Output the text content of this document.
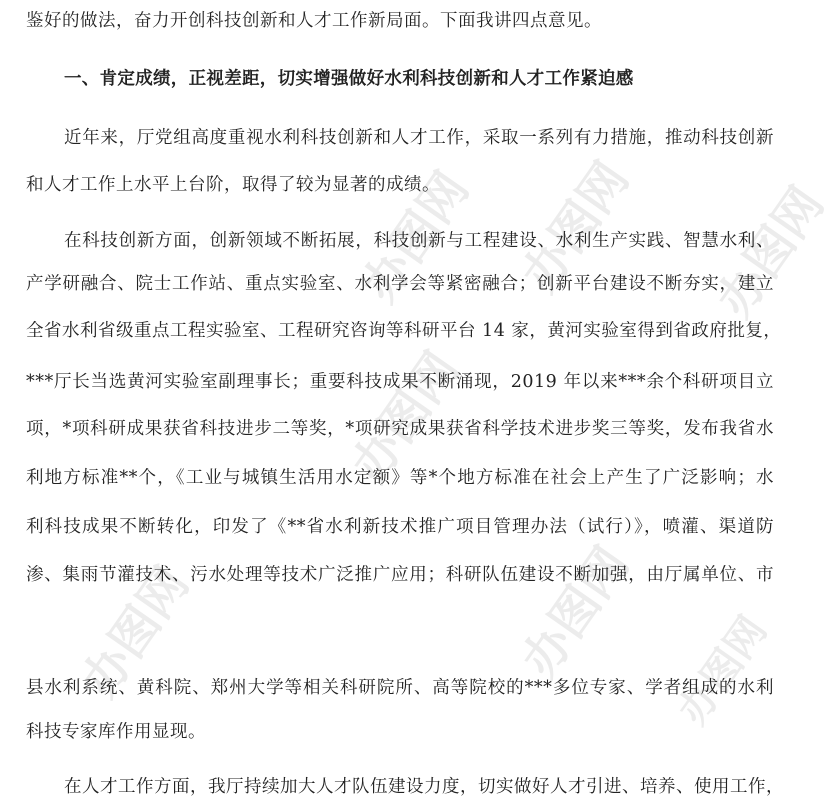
办图网 办图网 办图网
办图网
办图网	办图网 办图网
鉴好的做法，奋力开创科技创新和人才工作新局面。下面我讲四点意见。
一、肯定成绩，正视差距，切实增强做好水利科技创新和人才工作紧迫感
近年来，厅党组高度重视水利科技创新和人才工作，采取一系列有力措施，推动科技创新
和人才工作上水平上台阶，取得了较为显著的成绩。
在科技创新方面，创新领域不断拓展，科技创新与工程建设、水利生产实践、智慧水利、
产学研融合、院士工作站、重点实验室、水利学会等紧密融合；创新平台建设不断夯实，建立
全省水利省级重点工程实验室、工程研究咨询等科研平台 14 家，黄河实验室得到省政府批复，
***厅长当选黄河实验室副理事长；重要科技成果不断涌现，2019 年以来***余个科研项目立
项，*项科研成果获省科技进步二等奖，*项研究成果获省科学技术进步奖三等奖，发布我省水
利地方标准**个，《工业与城镇生活用水定额》等*个地方标准在社会上产生了广泛影响；水
利科技成果不断转化，印发了《**省水利新技术推广项目管理办法（试行）》，喷灌、渠道防
渗、集雨节灌技术、污水处理等技术广泛推广应用；科研队伍建设不断加强，由厅属单位、市
县水利系统、黄科院、郑州大学等相关科研院所、高等院校的***多位专家、学者组成的水利
科技专家库作用显现。
在人才工作方面，我厅持续加大人才队伍建设力度，切实做好人才引进、培养、使用工作，
